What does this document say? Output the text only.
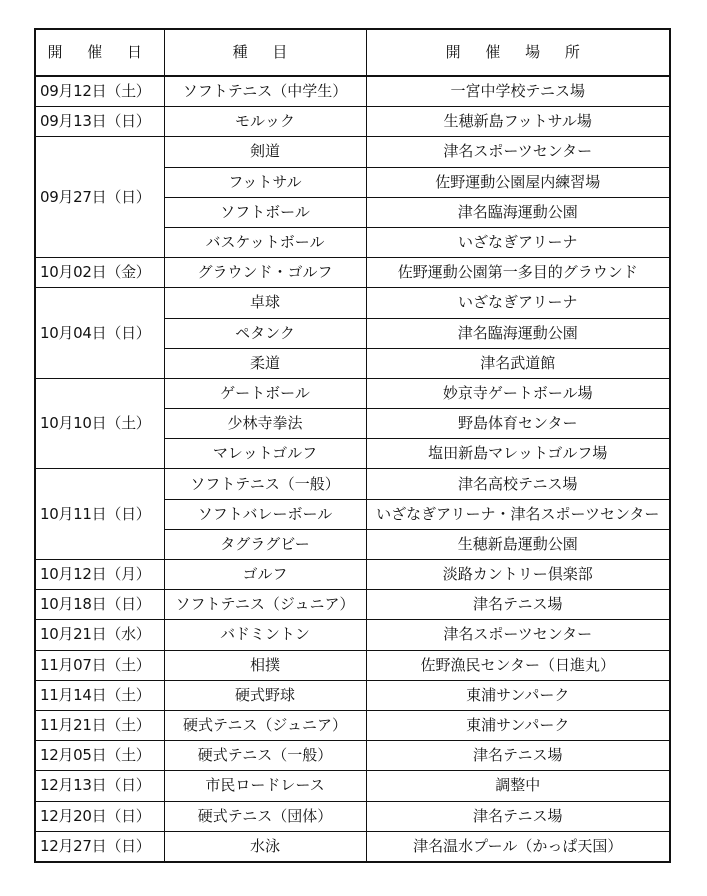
開 催 日	種 目	開 催 場 所
09月12日（土）	ソフトテニス（中学生）	一宮中学校テニス場
09月13日（日）	モルック	生穂新島フットサル場
09月27日（日）	剣道	津名スポーツセンター
	フットサル	佐野運動公園屋内練習場
	ソフトボール	津名臨海運動公園
	バスケットボール	いざなぎアリーナ
10月02日（金）	グラウンド・ゴルフ	佐野運動公園第一多目的グラウンド
10月04日（日）	卓球	いざなぎアリーナ
	ペタンク	津名臨海運動公園
	柔道	津名武道館
10月10日（土）	ゲートボール	妙京寺ゲートボール場
	少林寺拳法	野島体育センター
	マレットゴルフ	塩田新島マレットゴルフ場
10月11日（日）	ソフトテニス（一般）	津名高校テニス場
	ソフトバレーボール	いざなぎアリーナ・津名スポーツセンター
	タグラグビー	生穂新島運動公園
10月12日（月）	ゴルフ	淡路カントリー倶楽部
10月18日（日）	ソフトテニス（ジュニア）	津名テニス場
10月21日（水）	バドミントン	津名スポーツセンター
11月07日（土）	相撲	佐野漁民センター（日進丸）
11月14日（土）	硬式野球	東浦サンパーク
11月21日（土）	硬式テニス（ジュニア）	東浦サンパーク
12月05日（土）	硬式テニス（一般）	津名テニス場
12月13日（日）	市民ロードレース	調整中
12月20日（日）	硬式テニス（団体）	津名テニス場
12月27日（日）	水泳	津名温水プール（かっぱ天国）
